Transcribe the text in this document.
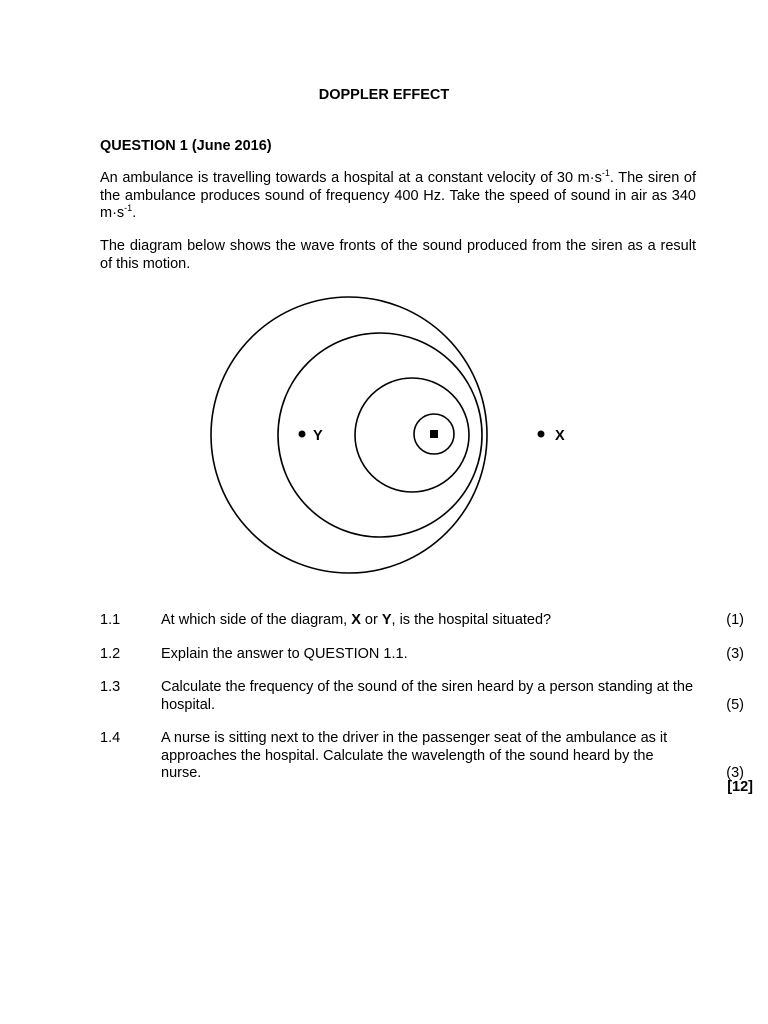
DOPPLER EFFECT
QUESTION 1 (June 2016)
An ambulance is travelling towards a hospital at a constant velocity of 30 $m\cdot s^{-1}$. The siren of the ambulance produces sound of frequency 400 Hz. Take the speed of sound in air as 340 $m\cdot s^{-1}$.
The diagram below shows the wave fronts of the sound produced from the siren as a result of this motion.
Y	X
1.1	At which side of the diagram, X or Y, is the hospital situated?	(1)
1.2	Explain the answer to QUESTION 1.1.	(3)
1.3	Calculate the frequency of the sound of the siren heard by a person standing at the hospital.	(5)
1.4	A nurse is sitting next to the driver in the passenger seat of the ambulance as it approaches the hospital. Calculate the wavelength of the sound heard by the nurse.	(3)
[12]
